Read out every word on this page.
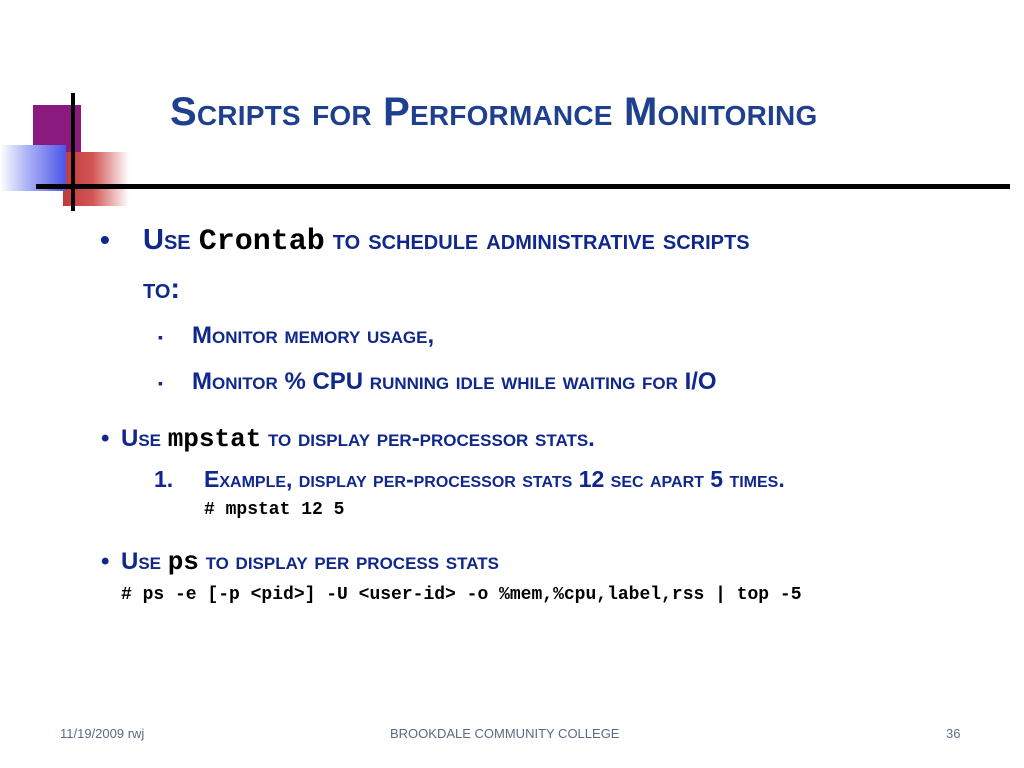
Scripts for Performance Monitoring
• Use Crontab to schedule administrative scripts
to:
▪ Monitor memory usage,
▪ Monitor % CPU running idle while waiting for I/O
• Use mpstat to display per-processor stats.
1. Example, display per-processor stats 12 sec apart 5 times.
# mpstat 12 5
• Use ps to display per process stats
# ps -e [-p <pid>] -U <user-id> -o %mem,%cpu,label,rss | top -5
11/19/2009 rwj	BROOKDALE COMMUNITY COLLEGE	36
